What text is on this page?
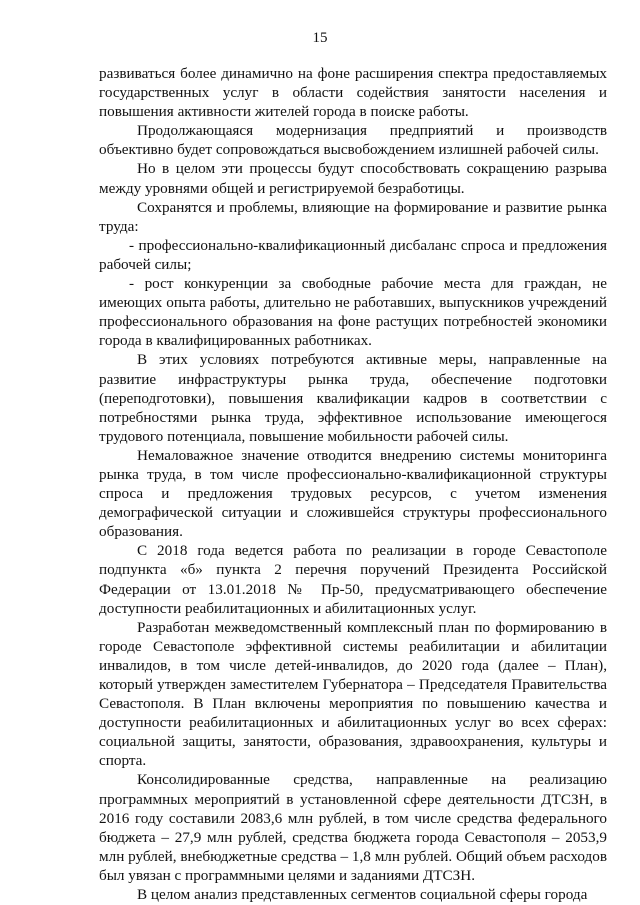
15

развиваться более динамично на фоне расширения спектра предоставляемых государственных услуг в области содействия занятости населения и повышения активности жителей города в поиске работы.

Продолжающаяся модернизация предприятий и производств объективно будет сопровождаться высвобождением излишней рабочей силы.

Но в целом эти процессы будут способствовать сокращению разрыва между уровнями общей и регистрируемой безработицы.

Сохранятся и проблемы, влияющие на формирование и развитие рынка труда:

- профессионально-квалификационный дисбаланс спроса и предложения рабочей силы;

- рост конкуренции за свободные рабочие места для граждан, не имеющих опыта работы, длительно не работавших, выпускников учреждений профессионального образования на фоне растущих потребностей экономики города в квалифицированных работниках.

В этих условиях потребуются активные меры, направленные на развитие инфраструктуры рынка труда, обеспечение подготовки (переподготовки), повышения квалификации кадров в соответствии с потребностями рынка труда, эффективное использование имеющегося трудового потенциала, повышение мобильности рабочей силы.

Немаловажное значение отводится внедрению системы мониторинга рынка труда, в том числе профессионально-квалификационной структуры спроса и предложения трудовых ресурсов, с учетом изменения демографической ситуации и сложившейся структуры профессионального образования.

С 2018 года ведется работа по реализации в городе Севастополе подпункта «б» пункта 2 перечня поручений Президента Российской Федерации от 13.01.2018 № Пр-50, предусматривающего обеспечение доступности реабилитационных и абилитационных услуг.

Разработан межведомственный комплексный план по формированию в городе Севастополе эффективной системы реабилитации и абилитации инвалидов, в том числе детей-инвалидов, до 2020 года (далее – План), который утвержден заместителем Губернатора – Председателя Правительства Севастополя. В План включены мероприятия по повышению качества и доступности реабилитационных и абилитационных услуг во всех сферах: социальной защиты, занятости, образования, здравоохранения, культуры и спорта.

Консолидированные средства, направленные на реализацию программных мероприятий в установленной сфере деятельности ДТСЗН, в 2016 году составили 2083,6 млн рублей, в том числе средства федерального бюджета – 27,9 млн рублей, средства бюджета города Севастополя – 2053,9 млн рублей, внебюджетные средства – 1,8 млн рублей. Общий объем расходов был увязан с программными целями и заданиями ДТСЗН.

В целом анализ представленных сегментов социальной сферы города
